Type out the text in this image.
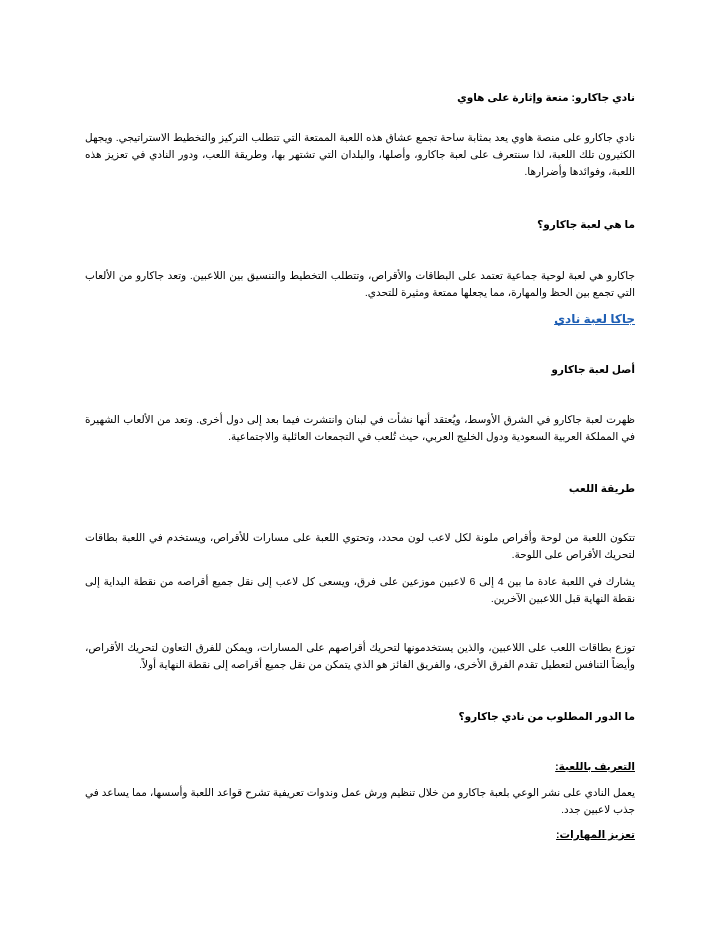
نادي جاكارو: متعة وإثارة على هاوي

نادي جاكارو على منصة هاوي يعد بمثابة ساحة تجمع عشاق هذه اللعبة الممتعة التي تتطلب التركيز والتخطيط الاستراتيجي. ويجهل الكثيرون تلك اللعبة، لذا سنتعرف على لعبة جاكارو، وأصلها، والبلدان التي تشتهر بها، وطريقة اللعب، ودور النادي في تعزيز هذه اللعبة، وفوائدها وأضرارها.

ما هي لعبة جاكارو؟

جاكارو هي لعبة لوحية جماعية تعتمد على البطاقات والأقراص، وتتطلب التخطيط والتنسيق بين اللاعبين. وتعد جاكارو من الألعاب التي تجمع بين الحظ والمهارة، مما يجعلها ممتعة ومثيرة للتحدي.

جاكا لعبة نادي
أصل لعبة جاكارو

ظهرت لعبة جاكارو في الشرق الأوسط، ويُعتقد أنها نشأت في لبنان وانتشرت فيما بعد إلى دول أخرى. وتعد من الألعاب الشهيرة في المملكة العربية السعودية ودول الخليج العربي، حيث تُلعب في التجمعات العائلية والاجتماعية.

طريقة اللعب

تتكون اللعبة من لوحة وأقراص ملونة لكل لاعب لون محدد، وتحتوي اللعبة على مسارات للأقراص، ويستخدم في اللعبة بطاقات لتحريك الأقراص على اللوحة.

يشارك في اللعبة عادة ما بين 4 إلى 6 لاعبين موزعين على فرق، ويسعى كل لاعب إلى نقل جميع أقراصه من نقطة البداية إلى نقطة النهاية قبل اللاعبين الآخرين.

توزع بطاقات اللعب على اللاعبين، والذين يستخدمونها لتحريك أقراصهم على المسارات، ويمكن للفرق التعاون لتحريك الأقراص، وأيضاً التنافس لتعطيل تقدم الفرق الأخرى، والفريق الفائز هو الذي يتمكن من نقل جميع أقراصه إلى نقطة النهاية أولاً.

ما الدور المطلوب من نادي جاكارو؟
التعريف باللعبة:

يعمل النادي على نشر الوعي بلعبة جاكارو من خلال تنظيم ورش عمل وندوات تعريفية تشرح قواعد اللعبة وأسسها، مما يساعد في جذب لاعبين جدد.

تعزيز المهارات:
